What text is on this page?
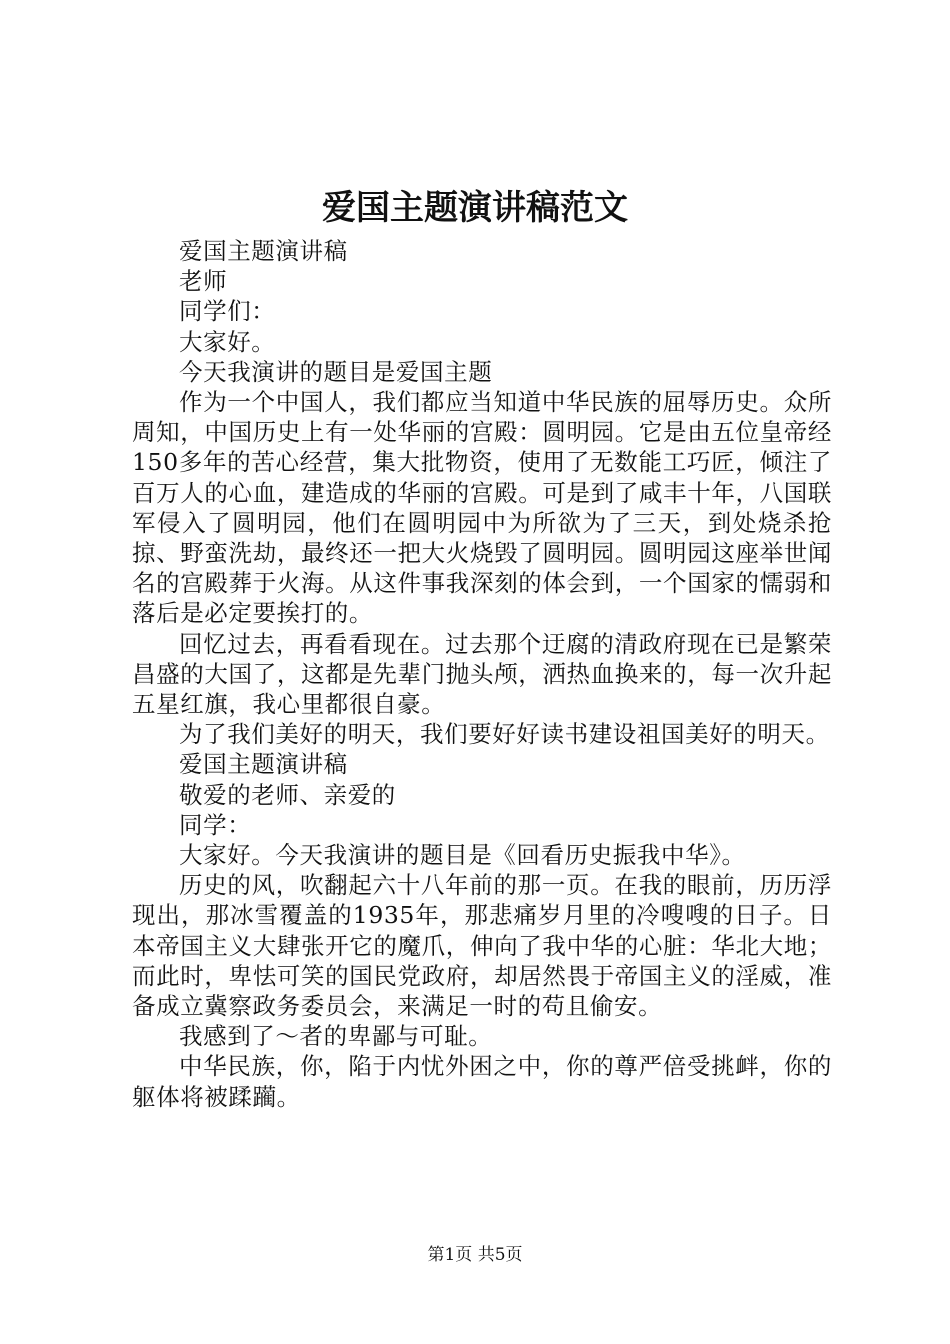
爱国主题演讲稿范文

爱国主题演讲稿

老师

同学们：

大家好。

今天我演讲的题目是爱国主题

作为一个中国人，我们都应当知道中华民族的屈辱历史。众所周知，中国历史上有一处华丽的宫殿：圆明园。它是由五位皇帝经150多年的苦心经营，集大批物资，使用了无数能工巧匠，倾注了百万人的心血，建造成的华丽的宫殿。可是到了咸丰十年，八国联军侵入了圆明园，他们在圆明园中为所欲为了三天，到处烧杀抢掠、野蛮洗劫，最终还一把大火烧毁了圆明园。圆明园这座举世闻名的宫殿葬于火海。从这件事我深刻的体会到，一个国家的懦弱和落后是必定要挨打的。

回忆过去，再看看现在。过去那个迂腐的清政府现在已是繁荣昌盛的大国了，这都是先辈门抛头颅，洒热血换来的，每一次升起五星红旗，我心里都很自豪。

为了我们美好的明天，我们要好好读书建设祖国美好的明天。

爱国主题演讲稿

敬爱的老师、亲爱的

同学：

大家好。今天我演讲的题目是《回看历史振我中华》。

历史的风，吹翻起六十八年前的那一页。在我的眼前，历历浮现出，那冰雪覆盖的1935年，那悲痛岁月里的冷嗖嗖的日子。日本帝国主义大肆张开它的魔爪，伸向了我中华的心脏：华北大地；而此时，卑怯可笑的国民党政府，却居然畏于帝国主义的淫威，准备成立冀察政务委员会，来满足一时的苟且偷安。

我感到了～者的卑鄙与可耻。

中华民族，你，陷于内忧外困之中，你的尊严倍受挑衅，你的躯体将被蹂躏。

第1页 共5页
